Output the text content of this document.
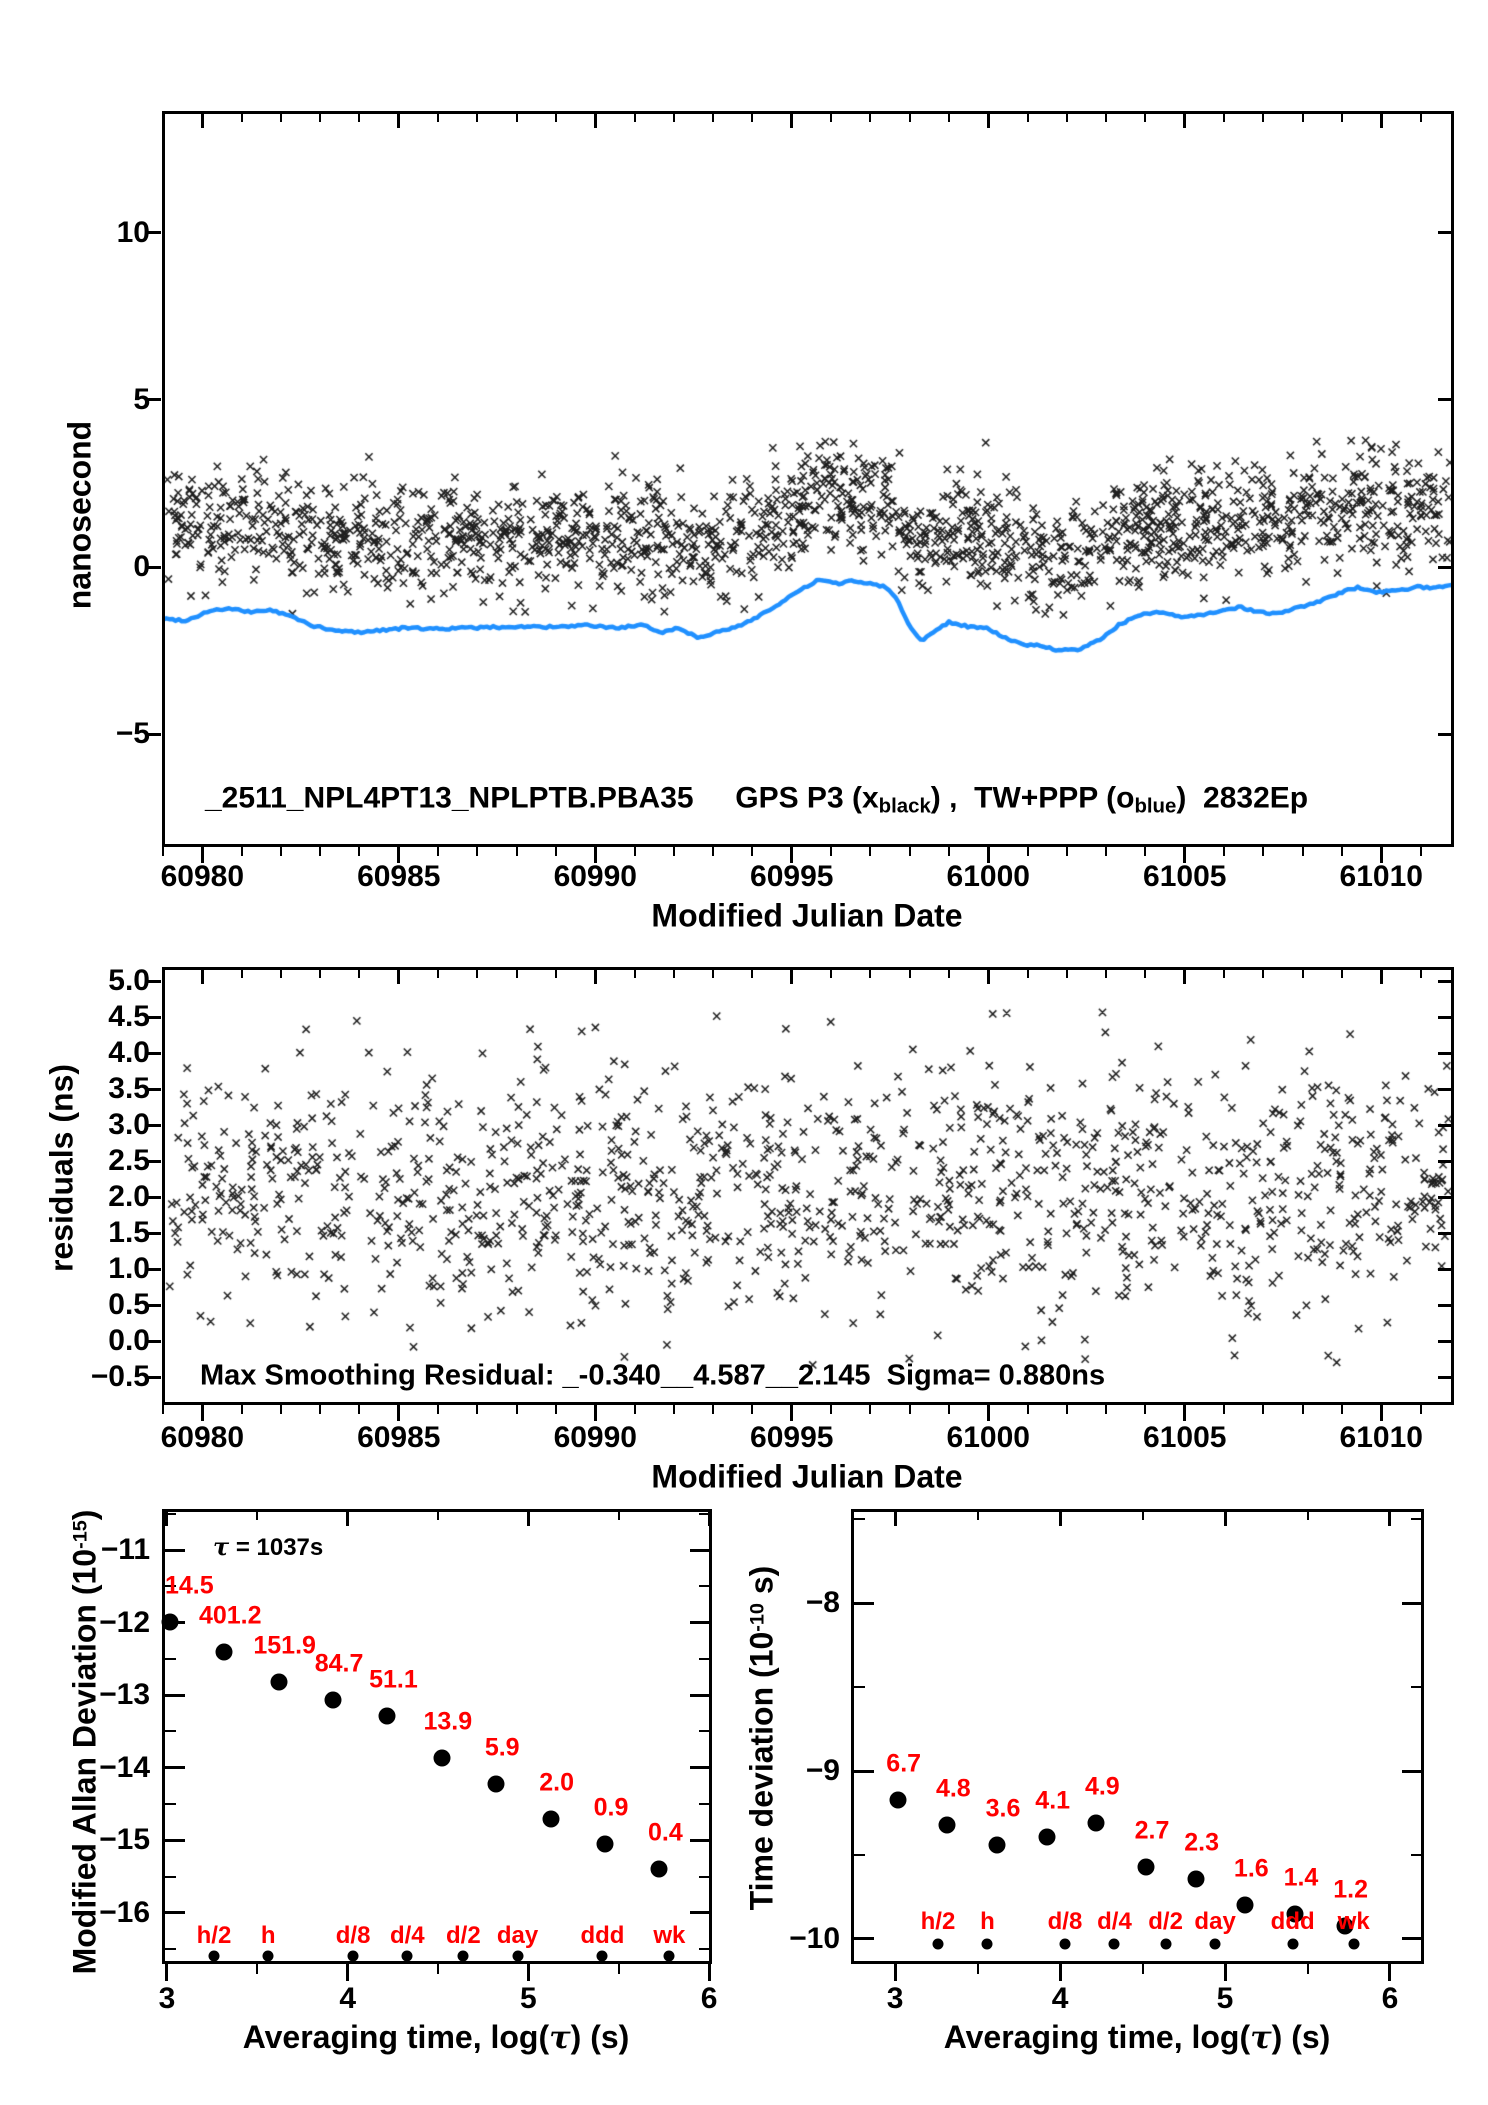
nanosecond
Modified Julian Date
_2511_NPL4PT13_NPLPTB.PBA35     GPS P3 (xblack) ,  TW+PPP (oblue)  2832Ep
residuals (ns)
Modified Julian Date
Max Smoothing Residual: _-0.340__4.587__2.145  Sigma= 0.880ns
Modified Allan Deviation $(10^{-15})$
Averaging time, log(τ) (s)
τ = 1037s
Time deviation ($10^{-10}$ s)
Averaging time, log(τ) (s)
60980	60985	60990	60995	61000	61005	61010
−5
0
5
10
60980	60985	60990	60995	61000	61005	61010
5.0
4.5
4.0
3.5
3.0
2.5
2.0
1.5
1.0
0.5
0.0
−0.5
3	4	5	6
−11
−12
−13
−14
−15
−16
3	4	5	6
−8
−9
−10
14.5
401.2
151.9
84.7
51.1
13.9
5.9
2.0
0.9
0.4
h/2 h	d/8 d/4 d/2 day ddd wk
6.7
4.8
3.6 4.1 4.9
2.7 2.3
1.6 1.4 1.2
h/2 h d/8 d/4 d/2 day ddd wk
